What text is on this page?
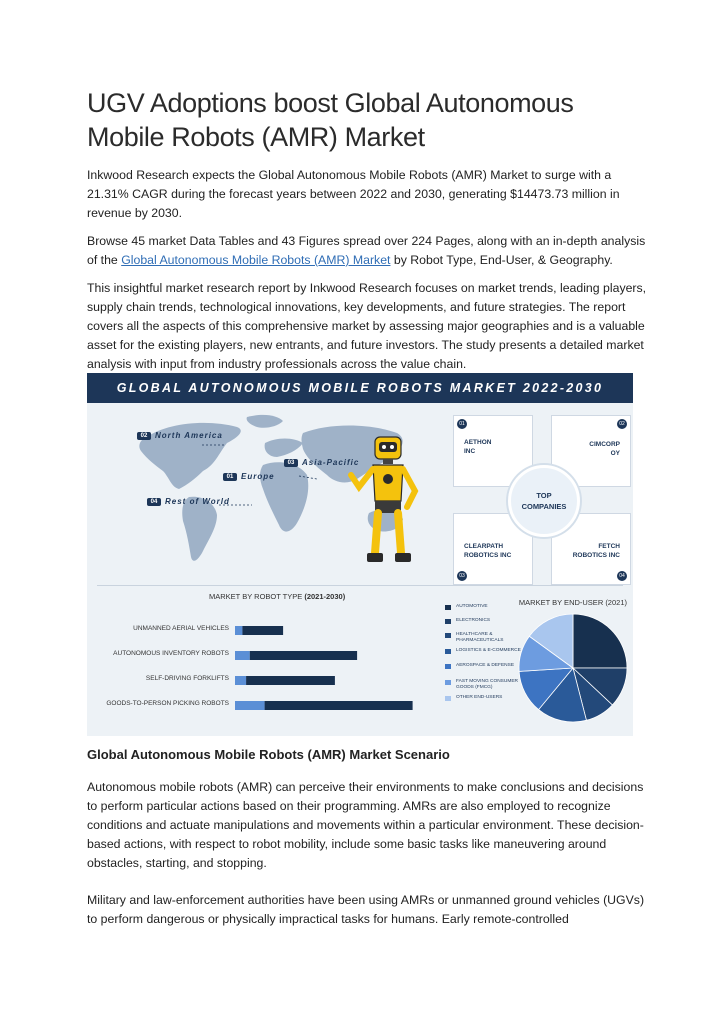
UGV Adoptions boost Global Autonomous Mobile Robots (AMR) Market

Inkwood Research expects the Global Autonomous Mobile Robots (AMR) Market to surge with a 21.31% CAGR during the forecast years between 2022 and 2030, generating $14473.73 million in revenue by 2030.

Browse 45 market Data Tables and 43 Figures spread over 224 Pages, along with an in-depth analysis of the Global Autonomous Mobile Robots (AMR) Market by Robot Type, End-User, & Geography.

This insightful market research report by Inkwood Research focuses on market trends, leading players, supply chain trends, technological innovations, key developments, and future strategies. The report covers all the aspects of this comprehensive market by assessing major geographies and is a valuable asset for the existing players, new entrants, and future investors. The study presents a detailed market analysis with input from industry professionals across the value chain.

GLOBAL AUTONOMOUS MOBILE ROBOTS MARKET 2022-2030
02 North America
03 Asia-Pacific
01 Europe
04 Rest of World
01
AETHON
INC
02
CIMCORP
OY
CLEARPATH
ROBOTICS INC
03
FETCH
ROBOTICS INC
04
TOP
COMPANIES
MARKET BY ROBOT TYPE (2021-2030)
UNMANNED AERIAL VEHICLES
AUTONOMOUS INVENTORY ROBOTS
SELF-DRIVING FORKLIFTS
GOODS-TO-PERSON PICKING ROBOTS
MARKET BY END-USER (2021)
AUTOMOTIVE
ELECTRONICS
HEALTHCARE & PHARMACEUTICALS
LOGISTICS & E-COMMERCE
AEROSPACE & DEFENSE
FAST MOVING CONSUMER GOODS (FMCG)
OTHER END-USERS
Global Autonomous Mobile Robots (AMR) Market Scenario

Autonomous mobile robots (AMR) can perceive their environments to make conclusions and decisions to perform particular actions based on their programming. AMRs are also employed to recognize conditions and actuate manipulations and movements within a particular environment. These decision-based actions, with respect to robot mobility, include some basic tasks like maneuvering around obstacles, starting, and stopping.

Military and law-enforcement authorities have been using AMRs or unmanned ground vehicles (UGVs) to perform dangerous or physically impractical tasks for humans. Early remote-controlled
